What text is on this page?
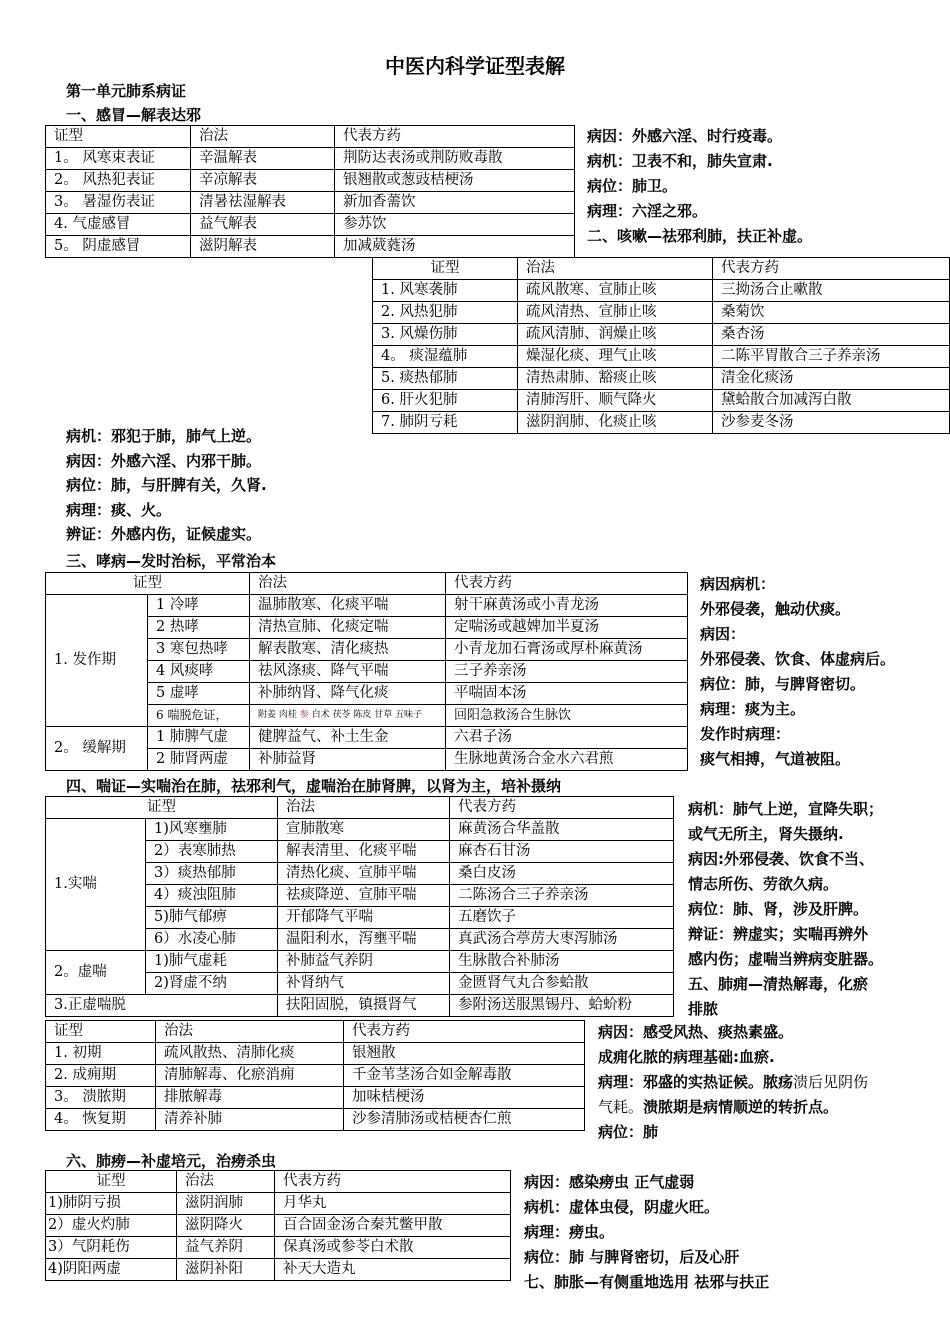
中医内科学证型表解
第一单元肺系病证
一、感冒—解表达邪
证型	治法	代表方药
1。 风寒束表证	辛温解表	荆防达表汤或荆防败毒散
2。 风热犯表证	辛凉解表	银翘散或葱豉桔梗汤
3。 暑湿伤表证	清暑祛湿解表	新加香薷饮
4. 气虚感冒	益气解表	参苏饮
5。 阴虚感冒	滋阴解表	加减葳蕤汤
病因：外感六淫、时行疫毒。
病机：卫表不和，肺失宣肃.
病位：肺卫。
病理：六淫之邪。
二、咳嗽—祛邪利肺，扶正补虚。
证型	治法	代表方药
1. 风寒袭肺	疏风散寒、宣肺止咳	三拗汤合止嗽散
2. 风热犯肺	疏风清热、宣肺止咳	桑菊饮
3. 风燥伤肺	疏风清肺、润燥止咳	桑杏汤
4。 痰湿蕴肺	燥湿化痰、理气止咳	二陈平胃散合三子养亲汤
5. 痰热郁肺	清热肃肺、豁痰止咳	清金化痰汤
6. 肝火犯肺	清肺泻肝、顺气降火	黛蛤散合加减泻白散
7. 肺阴亏耗	滋阴润肺、化痰止咳	沙参麦冬汤
病机：邪犯于肺，肺气上逆。
病因：外感六淫、内邪干肺。
病位：肺，与肝脾有关，久肾.
病理：痰、火。
辨证：外感内伤，证候虚实。
三、哮病—发时治标，平常治本
证型		治法	代表方药
1. 发作期	1 冷哮	温肺散寒、化痰平喘	射干麻黄汤或小青龙汤
	2 热哮	清热宣肺、化痰定喘	定喘汤或越婢加半夏汤
	3 寒包热哮	解表散寒、清化痰热	小青龙加石膏汤或厚朴麻黄汤
	4 风痰哮	祛风涤痰、降气平喘	三子养亲汤
	5 虚哮	补肺纳肾、降气化痰	平喘固本汤
	6 喘脱危证，	附姜 肉桂 参 白术 茯苓 陈皮 甘草 五味子	回阳急救汤合生脉饮
2。 缓解期	1 肺脾气虚	健脾益气、补土生金	六君子汤
	2 肺肾两虚	补肺益肾	生脉地黄汤合金水六君煎
病因病机：
外邪侵袭，触动伏痰。
病因：
外邪侵袭、饮食、体虚病后。
病位：肺，与脾肾密切。
病理：痰为主。
发作时病理：
痰气相搏，气道被阻。
四、喘证—实喘治在肺，祛邪利气，虚喘治在肺肾脾，以肾为主，培补摄纳
证型		治法	代表方药
1.实喘	1)风寒壅肺	宣肺散寒	麻黄汤合华盖散
	2）表寒肺热	解表清里、化痰平喘	麻杏石甘汤
	3）痰热郁肺	清热化痰、宣肺平喘	桑白皮汤
	4）痰浊阻肺	祛痰降逆、宣肺平喘	二陈汤合三子养亲汤
	5)肺气郁痹	开郁降气平喘	五磨饮子
	6）水凌心肺	温阳利水，泻壅平喘	真武汤合葶苈大枣泻肺汤
2。虚喘	1)肺气虚耗	补肺益气养阴	生脉散合补肺汤
	2)肾虚不纳	补肾纳气	金匮肾气丸合参蛤散
3.正虚喘脱		扶阳固脱，镇摄肾气	参附汤送服黑锡丹、蛤蚧粉
病机：肺气上逆，宣降失职；
或气无所主，肾失摄纳.
病因:外邪侵袭、饮食不当、
情志所伤、劳欲久病。
病位：肺、肾，涉及肝脾。
辩证：辨虚实；实喘再辨外
感内伤；虚喘当辨病变脏器。
五、肺痈—清热解毒，化瘀
排脓
证型	治法	代表方药
1. 初期	疏风散热、清肺化痰	银翘散
2. 成痈期	清肺解毒、化瘀消痈	千金苇茎汤合如金解毒散
3。 溃脓期	排脓解毒	加味桔梗汤
4。 恢复期	清养补肺	沙参清肺汤或桔梗杏仁煎
病因：感受风热、痰热素盛。
成痈化脓的病理基础:血瘀.
病理：邪盛的实热证候。脓疡溃后见阴伤
气耗。溃脓期是病情顺逆的转折点。
病位：肺
六、肺痨—补虚培元，治痨杀虫
证型	治法	代表方药
1)肺阴亏损	滋阴润肺	月华丸
2）虚火灼肺	滋阴降火	百合固金汤合秦艽鳖甲散
3）气阴耗伤	益气养阴	保真汤或参苓白术散
4)阴阳两虚	滋阴补阳	补天大造丸
病因：感染痨虫 正气虚弱
病机：虚体虫侵，阴虚火旺。
病理：痨虫。
病位：肺 与脾肾密切，后及心肝
七、肺胀—有侧重地选用 祛邪与扶正
